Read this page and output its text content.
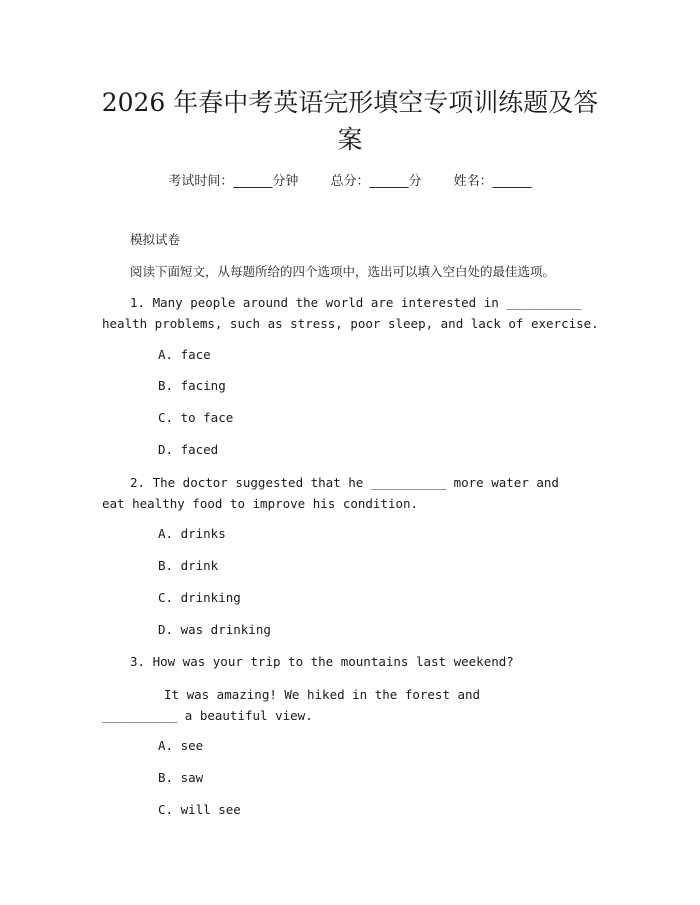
2026 年春中考英语完形填空专项训练题及答
案
考试时间：______分钟 总分：______分 姓名：______
模拟试卷
阅读下面短文，从每题所给的四个选项中，选出可以填入空白处的最佳选项。
1. Many people around the world are interested in __________ health problems, such as stress, poor sleep, and lack of exercise.
A. face
B. facing
C. to face
D. faced
2. The doctor suggested that he __________ more water and eat healthy food to improve his condition.
A. drinks
B. drink
C. drinking
D. was drinking
3. How was your trip to the mountains last weekend?
It was amazing! We hiked in the forest and __________ a beautiful view.
A. see
B. saw
C. will see
